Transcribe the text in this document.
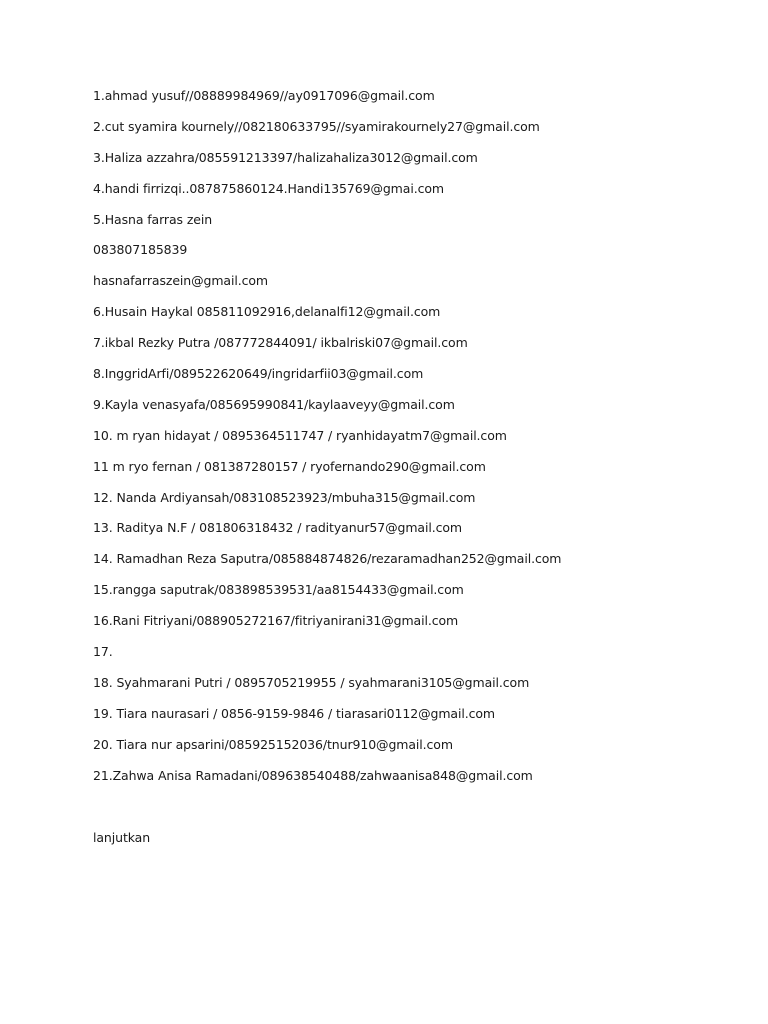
1.ahmad yusuf//08889984969//ay0917096@gmail.com
2.cut syamira kournely//082180633795//syamirakournely27@gmail.com
3.Haliza azzahra/085591213397/halizahaliza3012@gmail.com
4.handi firrizqi..087875860124.Handi135769@gmai.com
5.Hasna farras zein
083807185839
hasnafarraszein@gmail.com
6.Husain Haykal 085811092916,delanalfi12@gmail.com
7.ikbal Rezky Putra /087772844091/ ikbalriski07@gmail.com
8.InggridArfi/089522620649/ingridarfii03@gmail.com
9.Kayla venasyafa/085695990841/kaylaaveyy@gmail.com
10. m ryan hidayat / 0895364511747 / ryanhidayatm7@gmail.com
11 m ryo fernan / 081387280157 / ryofernando290@gmail.com
12. Nanda Ardiyansah/083108523923/mbuha315@gmail.com
13. Raditya N.F / 081806318432 / radityanur57@gmail.com
14. Ramadhan Reza Saputra/085884874826/rezaramadhan252@gmail.com
15.rangga saputrak/083898539531/aa8154433@gmail.com
16.Rani Fitriyani/088905272167/fitriyanirani31@gmail.com
17.
18. Syahmarani Putri / 0895705219955 / syahmarani3105@gmail.com
19. Tiara naurasari / 0856-9159-9846 / tiarasari0112@gmail.com
20. Tiara nur apsarini/085925152036/tnur910@gmail.com
21.Zahwa Anisa Ramadani/089638540488/zahwaanisa848@gmail.com
lanjutkan
